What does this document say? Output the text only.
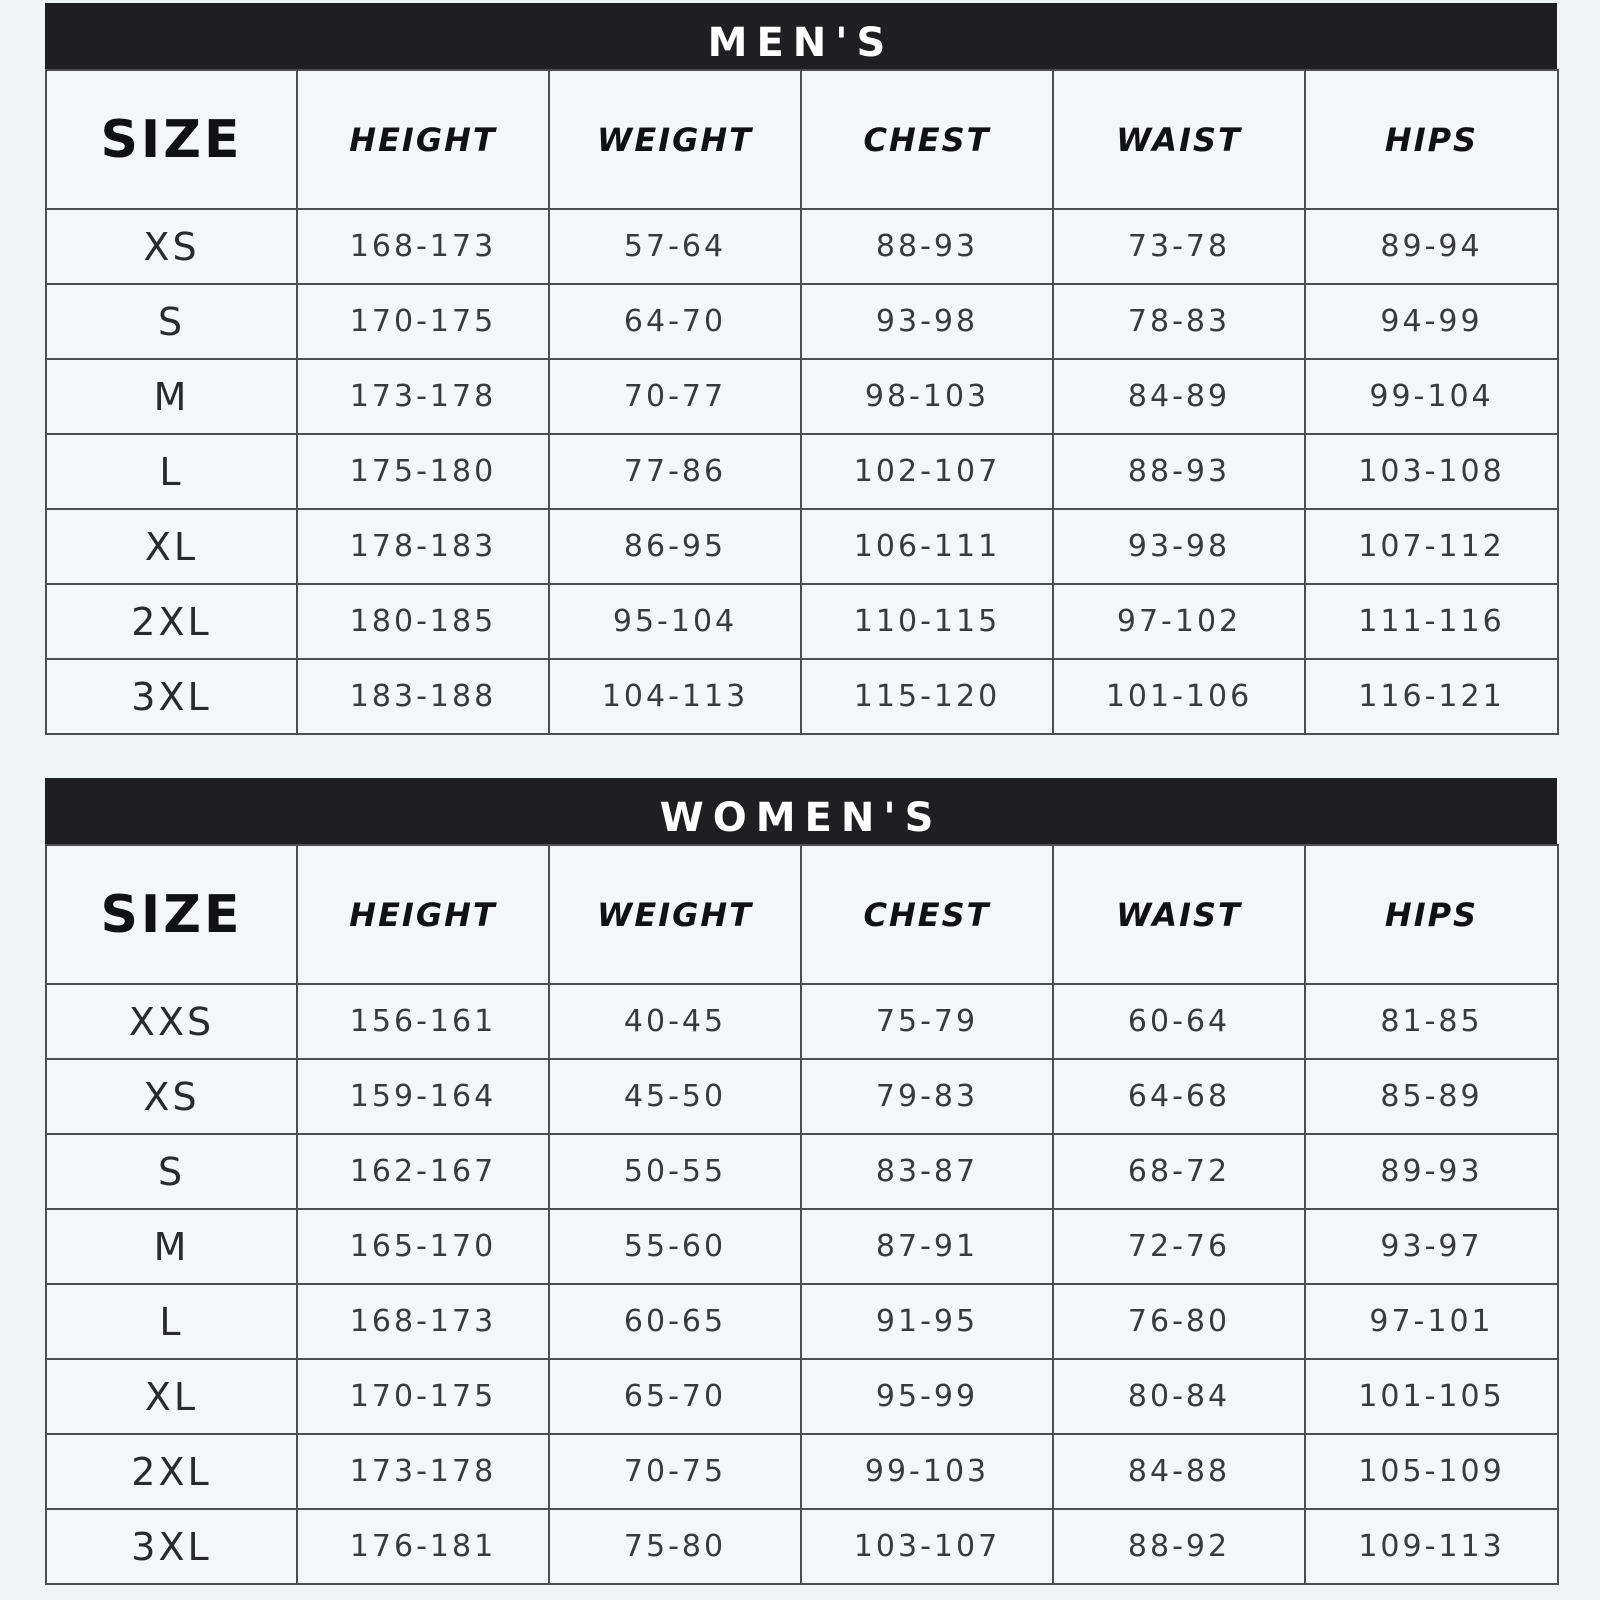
MEN'S
SIZE	HEIGHT	WEIGHT	CHEST	WAIST	HIPS
XS	168-173	57-64	88-93	73-78	89-94
S	170-175	64-70	93-98	78-83	94-99
M	173-178	70-77	98-103	84-89	99-104
L	175-180	77-86	102-107	88-93	103-108
XL	178-183	86-95	106-111	93-98	107-112
2XL	180-185	95-104	110-115	97-102	111-116
3XL	183-188	104-113	115-120	101-106	116-121
WOMEN'S
SIZE	HEIGHT	WEIGHT	CHEST	WAIST	HIPS
XXS	156-161	40-45	75-79	60-64	81-85
XS	159-164	45-50	79-83	64-68	85-89
S	162-167	50-55	83-87	68-72	89-93
M	165-170	55-60	87-91	72-76	93-97
L	168-173	60-65	91-95	76-80	97-101
XL	170-175	65-70	95-99	80-84	101-105
2XL	173-178	70-75	99-103	84-88	105-109
3XL	176-181	75-80	103-107	88-92	109-113
